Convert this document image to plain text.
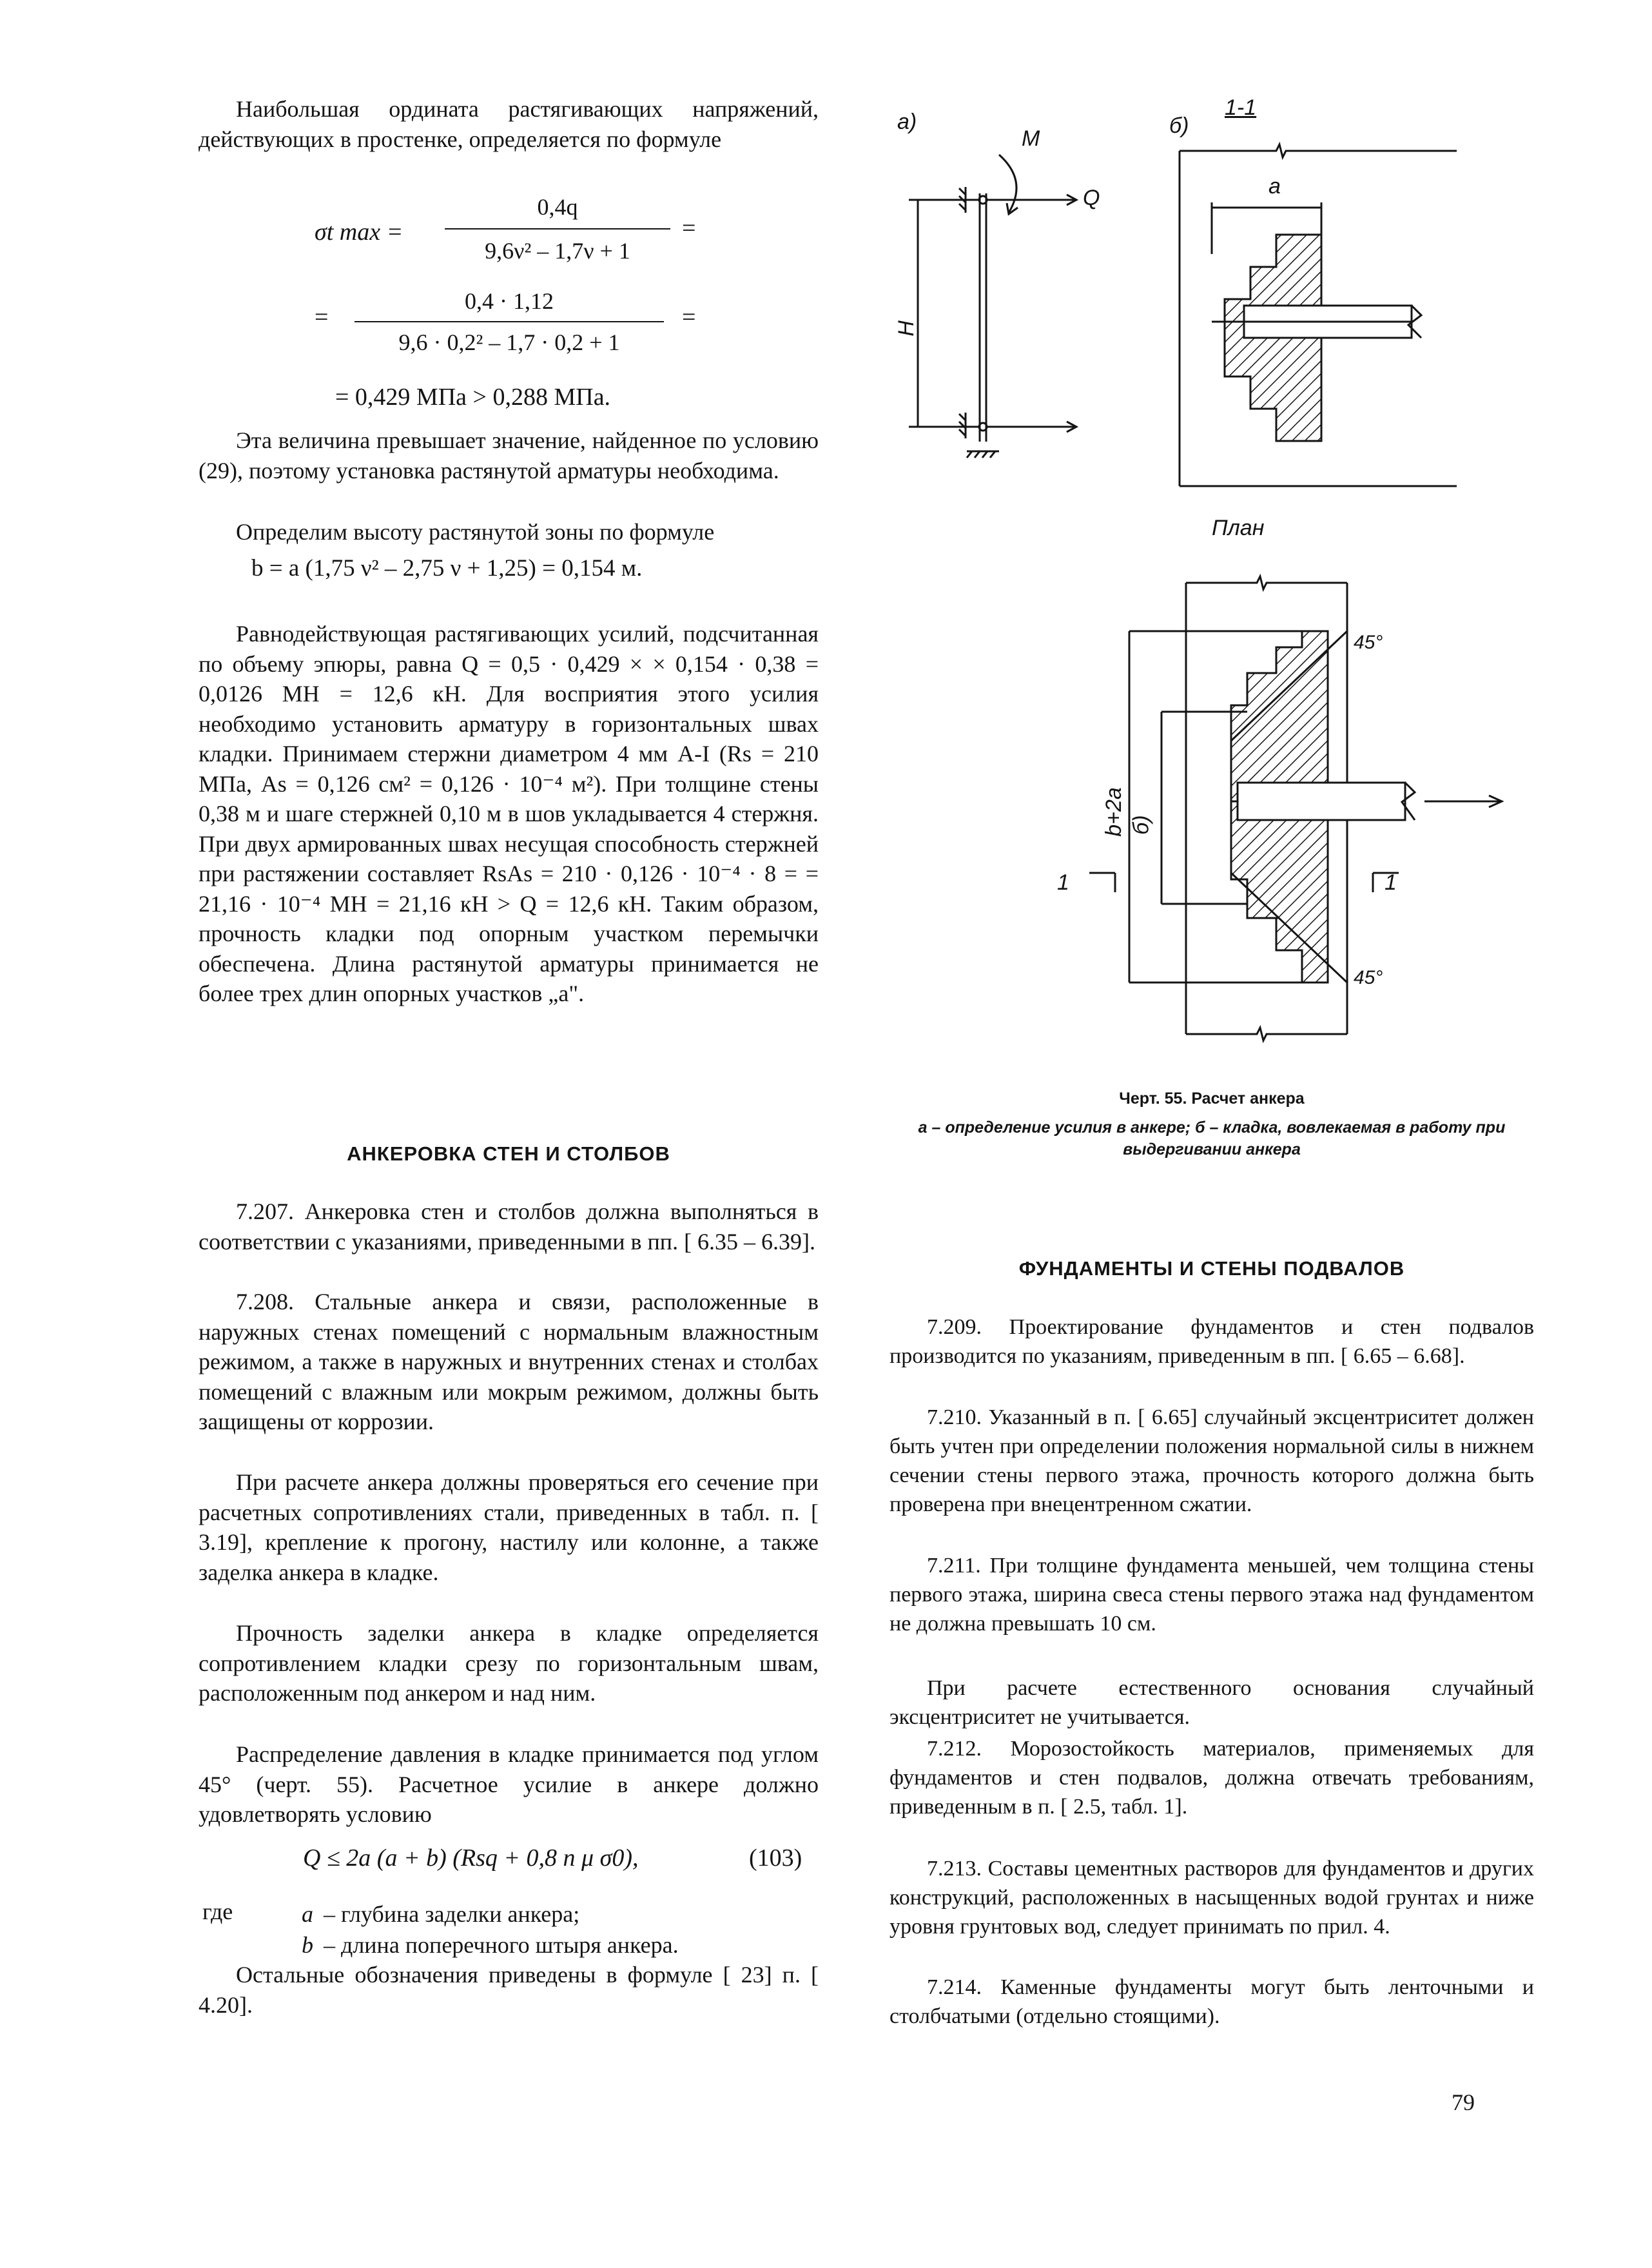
Наибольшая ордината растягивающих напряжений, действующих в простенке, определяется по формуле

σt max =
0,4q
9,6ν² – 1,7ν + 1
=
=
0,4 · 1,12
9,6 · 0,2² – 1,7 · 0,2 + 1
=
= 0,429 МПа > 0,288 МПа.

Эта величина превышает значение, найденное по условию (29), поэтому установка растянутой арматуры необходима.

Определим высоту растянутой зоны по формуле

b = a (1,75 ν² – 2,75 ν + 1,25) = 0,154 м.

Равнодействующая растягивающих усилий, подсчитанная по объему эпюры, равна Q = 0,5 · 0,429 × × 0,154 · 0,38 = 0,0126 МН = 12,6 кН. Для восприятия этого усилия необходимо установить арматуру в горизонтальных швах кладки. Принимаем стержни диаметром 4 мм А-I (Rs = 210 МПа, As = 0,126 см² = 0,126 · 10⁻⁴ м²). При толщине стены 0,38 м и шаге стержней 0,10 м в шов укладывается 4 стержня. При двух армированных швах несущая способность стержней при растяжении составляет RsAs = 210 · 0,126 · 10⁻⁴ · 8 = = 21,16 · 10⁻⁴ МН = 21,16 кН > Q = 12,6 кН. Таким образом, прочность кладки под опорным участком перемычки обеспечена. Длина растянутой арматуры принимается не более трех длин опорных участков „a".

АНКЕРОВКА СТЕН И СТОЛБОВ

7.207. Анкеровка стен и столбов должна выполняться в соответствии с указаниями, приведенными в пп. [ 6.35 – 6.39].

7.208. Стальные анкера и связи, расположенные в наружных стенах помещений с нормальным влажностным режимом, а также в наружных и внутренних стенах и столбах помещений с влажным или мокрым режимом, должны быть защищены от коррозии.

При расчете анкера должны проверяться его сечение при расчетных сопротивлениях стали, приведенных в табл. п. [ 3.19], крепление к прогону, настилу или колонне, а также заделка анкера в кладке.

Прочность заделки анкера в кладке определяется сопротивлением кладки срезу по горизонтальным швам, расположенным под анкером и над ним.

Распределение давления в кладке принимается под углом 45° (черт. 55). Расчетное усилие в анкере должно удовлетворять условию

Q ≤ 2a (a + b) (Rsq + 0,8 n μ σ0),	(103)
где	a – глубина заделки анкера;
b – длина поперечного штыря анкера.

Остальные обозначения приведены в формуле [ 23] п. [ 4.20].

а)
M
Q
H
б)
1-1
a
План
45°
45°
б)
b+2a
1	1

Черт. 55. Расчет анкера

а – определение усилия в анкере; б – кладка, вовлекаемая в работу при выдергивании анкера

ФУНДАМЕНТЫ И СТЕНЫ ПОДВАЛОВ

7.209. Проектирование фундаментов и стен подвалов производится по указаниям, приведенным в пп. [ 6.65 – 6.68].

7.210. Указанный в п. [ 6.65] случайный эксцентриситет должен быть учтен при определении положения нормальной силы в нижнем сечении стены первого этажа, прочность которого должна быть проверена при внецентренном сжатии.

7.211. При толщине фундамента меньшей, чем толщина стены первого этажа, ширина свеса стены первого этажа над фундаментом не должна превышать 10 см.

При расчете естественного основания случайный эксцентриситет не учитывается.

7.212. Морозостойкость материалов, применяемых для фундаментов и стен подвалов, должна отвечать требованиям, приведенным в п. [ 2.5, табл. 1].

7.213. Составы цементных растворов для фундаментов и других конструкций, расположенных в насыщенных водой грунтах и ниже уровня грунтовых вод, следует принимать по прил. 4.

7.214. Каменные фундаменты могут быть ленточными и столбчатыми (отдельно стоящими).

79
